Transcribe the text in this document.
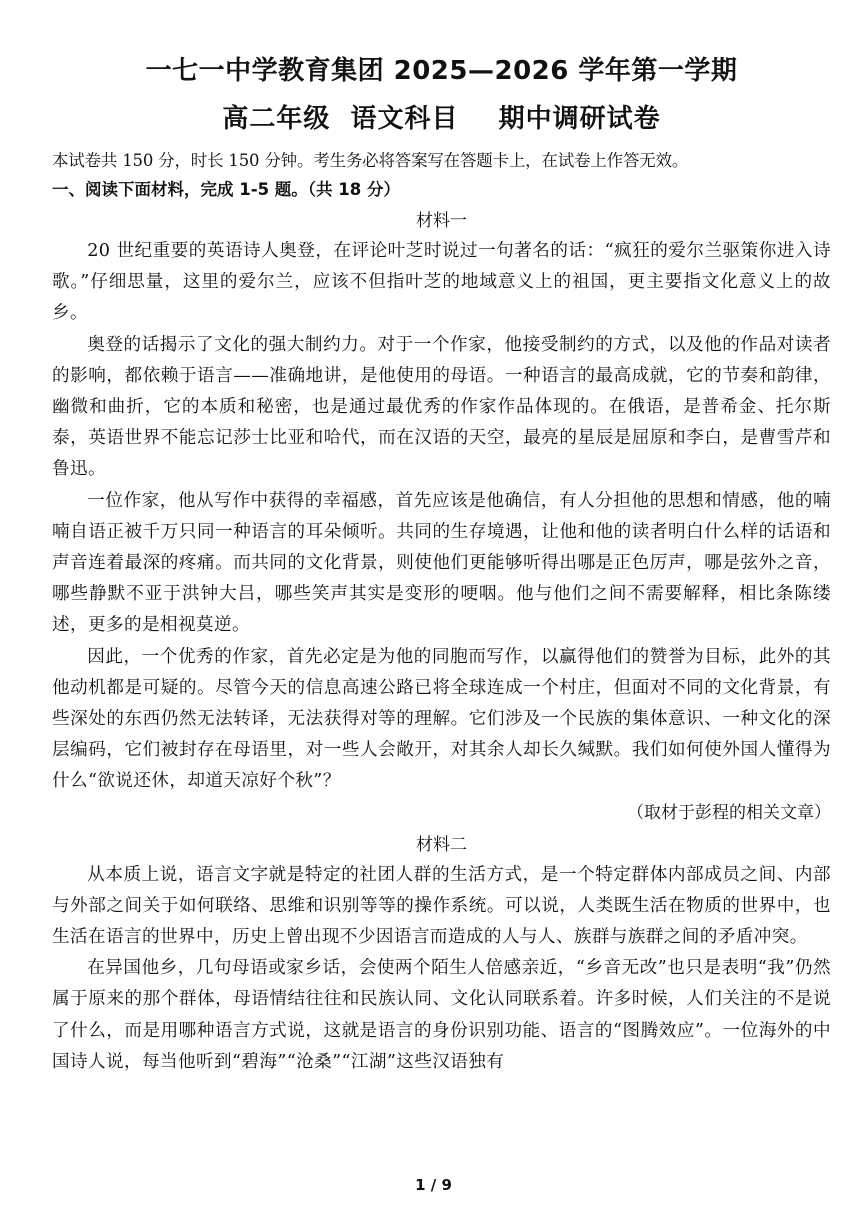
一七一中学教育集团 2025—2026 学年第一学期
高二年级  语文科目    期中调研试卷

本试卷共 150 分，时长 150 分钟。考生务必将答案写在答题卡上，在试卷上作答无效。

一、阅读下面材料，完成 1-5 题。（共 18 分）
材料一

20 世纪重要的英语诗人奥登，在评论叶芝时说过一句著名的话：“疯狂的爱尔兰驱策你进入诗歌。”仔细思量，这里的爱尔兰，应该不但指叶芝的地域意义上的祖国，更主要指文化意义上的故乡。

奥登的话揭示了文化的强大制约力。对于一个作家，他接受制约的方式，以及他的作品对读者的影响，都依赖于语言——准确地讲，是他使用的母语。一种语言的最高成就，它的节奏和韵律，幽微和曲折，它的本质和秘密，也是通过最优秀的作家作品体现的。在俄语，是普希金、托尔斯泰，英语世界不能忘记莎士比亚和哈代，而在汉语的天空，最亮的星辰是屈原和李白，是曹雪芹和鲁迅。

一位作家，他从写作中获得的幸福感，首先应该是他确信，有人分担他的思想和情感，他的喃喃自语正被千万只同一种语言的耳朵倾听。共同的生存境遇，让他和他的读者明白什么样的话语和声音连着最深的疼痛。而共同的文化背景，则使他们更能够听得出哪是正色厉声，哪是弦外之音，哪些静默不亚于洪钟大吕，哪些笑声其实是变形的哽咽。他与他们之间不需要解释，相比条陈缕述，更多的是相视莫逆。

因此，一个优秀的作家，首先必定是为他的同胞而写作，以赢得他们的赞誉为目标，此外的其他动机都是可疑的。尽管今天的信息高速公路已将全球连成一个村庄，但面对不同的文化背景，有些深处的东西仍然无法转译，无法获得对等的理解。它们涉及一个民族的集体意识、一种文化的深层编码，它们被封存在母语里，对一些人会敞开，对其余人却长久缄默。我们如何使外国人懂得为什么“欲说还休，却道天凉好个秋”？

（取材于彭程的相关文章）

材料二

从本质上说，语言文字就是特定的社团人群的生活方式，是一个特定群体内部成员之间、内部与外部之间关于如何联络、思维和识别等等的操作系统。可以说，人类既生活在物质的世界中，也生活在语言的世界中，历史上曾出现不少因语言而造成的人与人、族群与族群之间的矛盾冲突。

在异国他乡，几句母语或家乡话，会使两个陌生人倍感亲近，“乡音无改”也只是表明“我”仍然属于原来的那个群体，母语情结往往和民族认同、文化认同联系着。许多时候，人们关注的不是说了什么，而是用哪种语言方式说，这就是语言的身份识别功能、语言的“图腾效应”。一位海外的中国诗人说，每当他听到“碧海”“沧桑”“江湖”这些汉语独有

1 / 9
